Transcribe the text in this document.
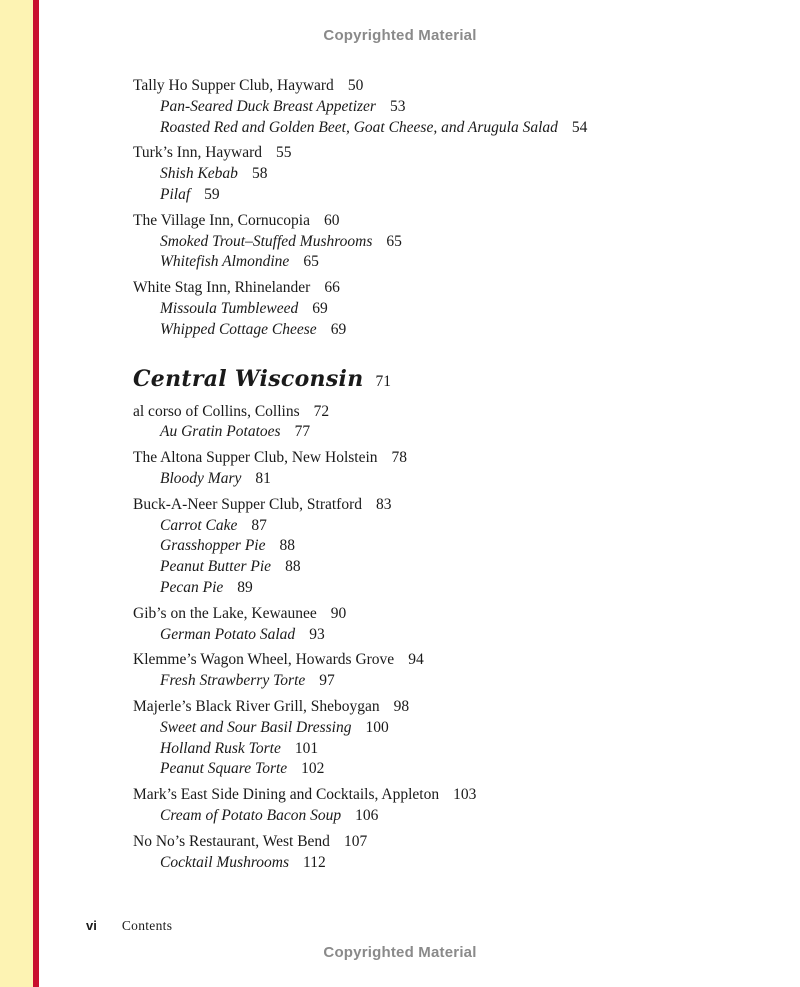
Copyrighted Material
Tally Ho Supper Club, Hayward 50
Pan-Seared Duck Breast Appetizer 53
Roasted Red and Golden Beet, Goat Cheese, and Arugula Salad 54
Turk’s Inn, Hayward 55
Shish Kebab 58
Pilaf 59
The Village Inn, Cornucopia 60
Smoked Trout–Stuffed Mushrooms 65
Whitefish Almondine 65
White Stag Inn, Rhinelander 66
Missoula Tumbleweed 69
Whipped Cottage Cheese 69
Central Wisconsin 71
al corso of Collins, Collins 72
Au Gratin Potatoes 77
The Altona Supper Club, New Holstein 78
Bloody Mary 81
Buck-A-Neer Supper Club, Stratford 83
Carrot Cake 87
Grasshopper Pie 88
Peanut Butter Pie 88
Pecan Pie 89
Gib’s on the Lake, Kewaunee 90
German Potato Salad 93
Klemme’s Wagon Wheel, Howards Grove 94
Fresh Strawberry Torte 97
Majerle’s Black River Grill, Sheboygan 98
Sweet and Sour Basil Dressing 100
Holland Rusk Torte 101
Peanut Square Torte 102
Mark’s East Side Dining and Cocktails, Appleton 103
Cream of Potato Bacon Soup 106
No No’s Restaurant, West Bend 107
Cocktail Mushrooms 112
vi Contents
Copyrighted Material
